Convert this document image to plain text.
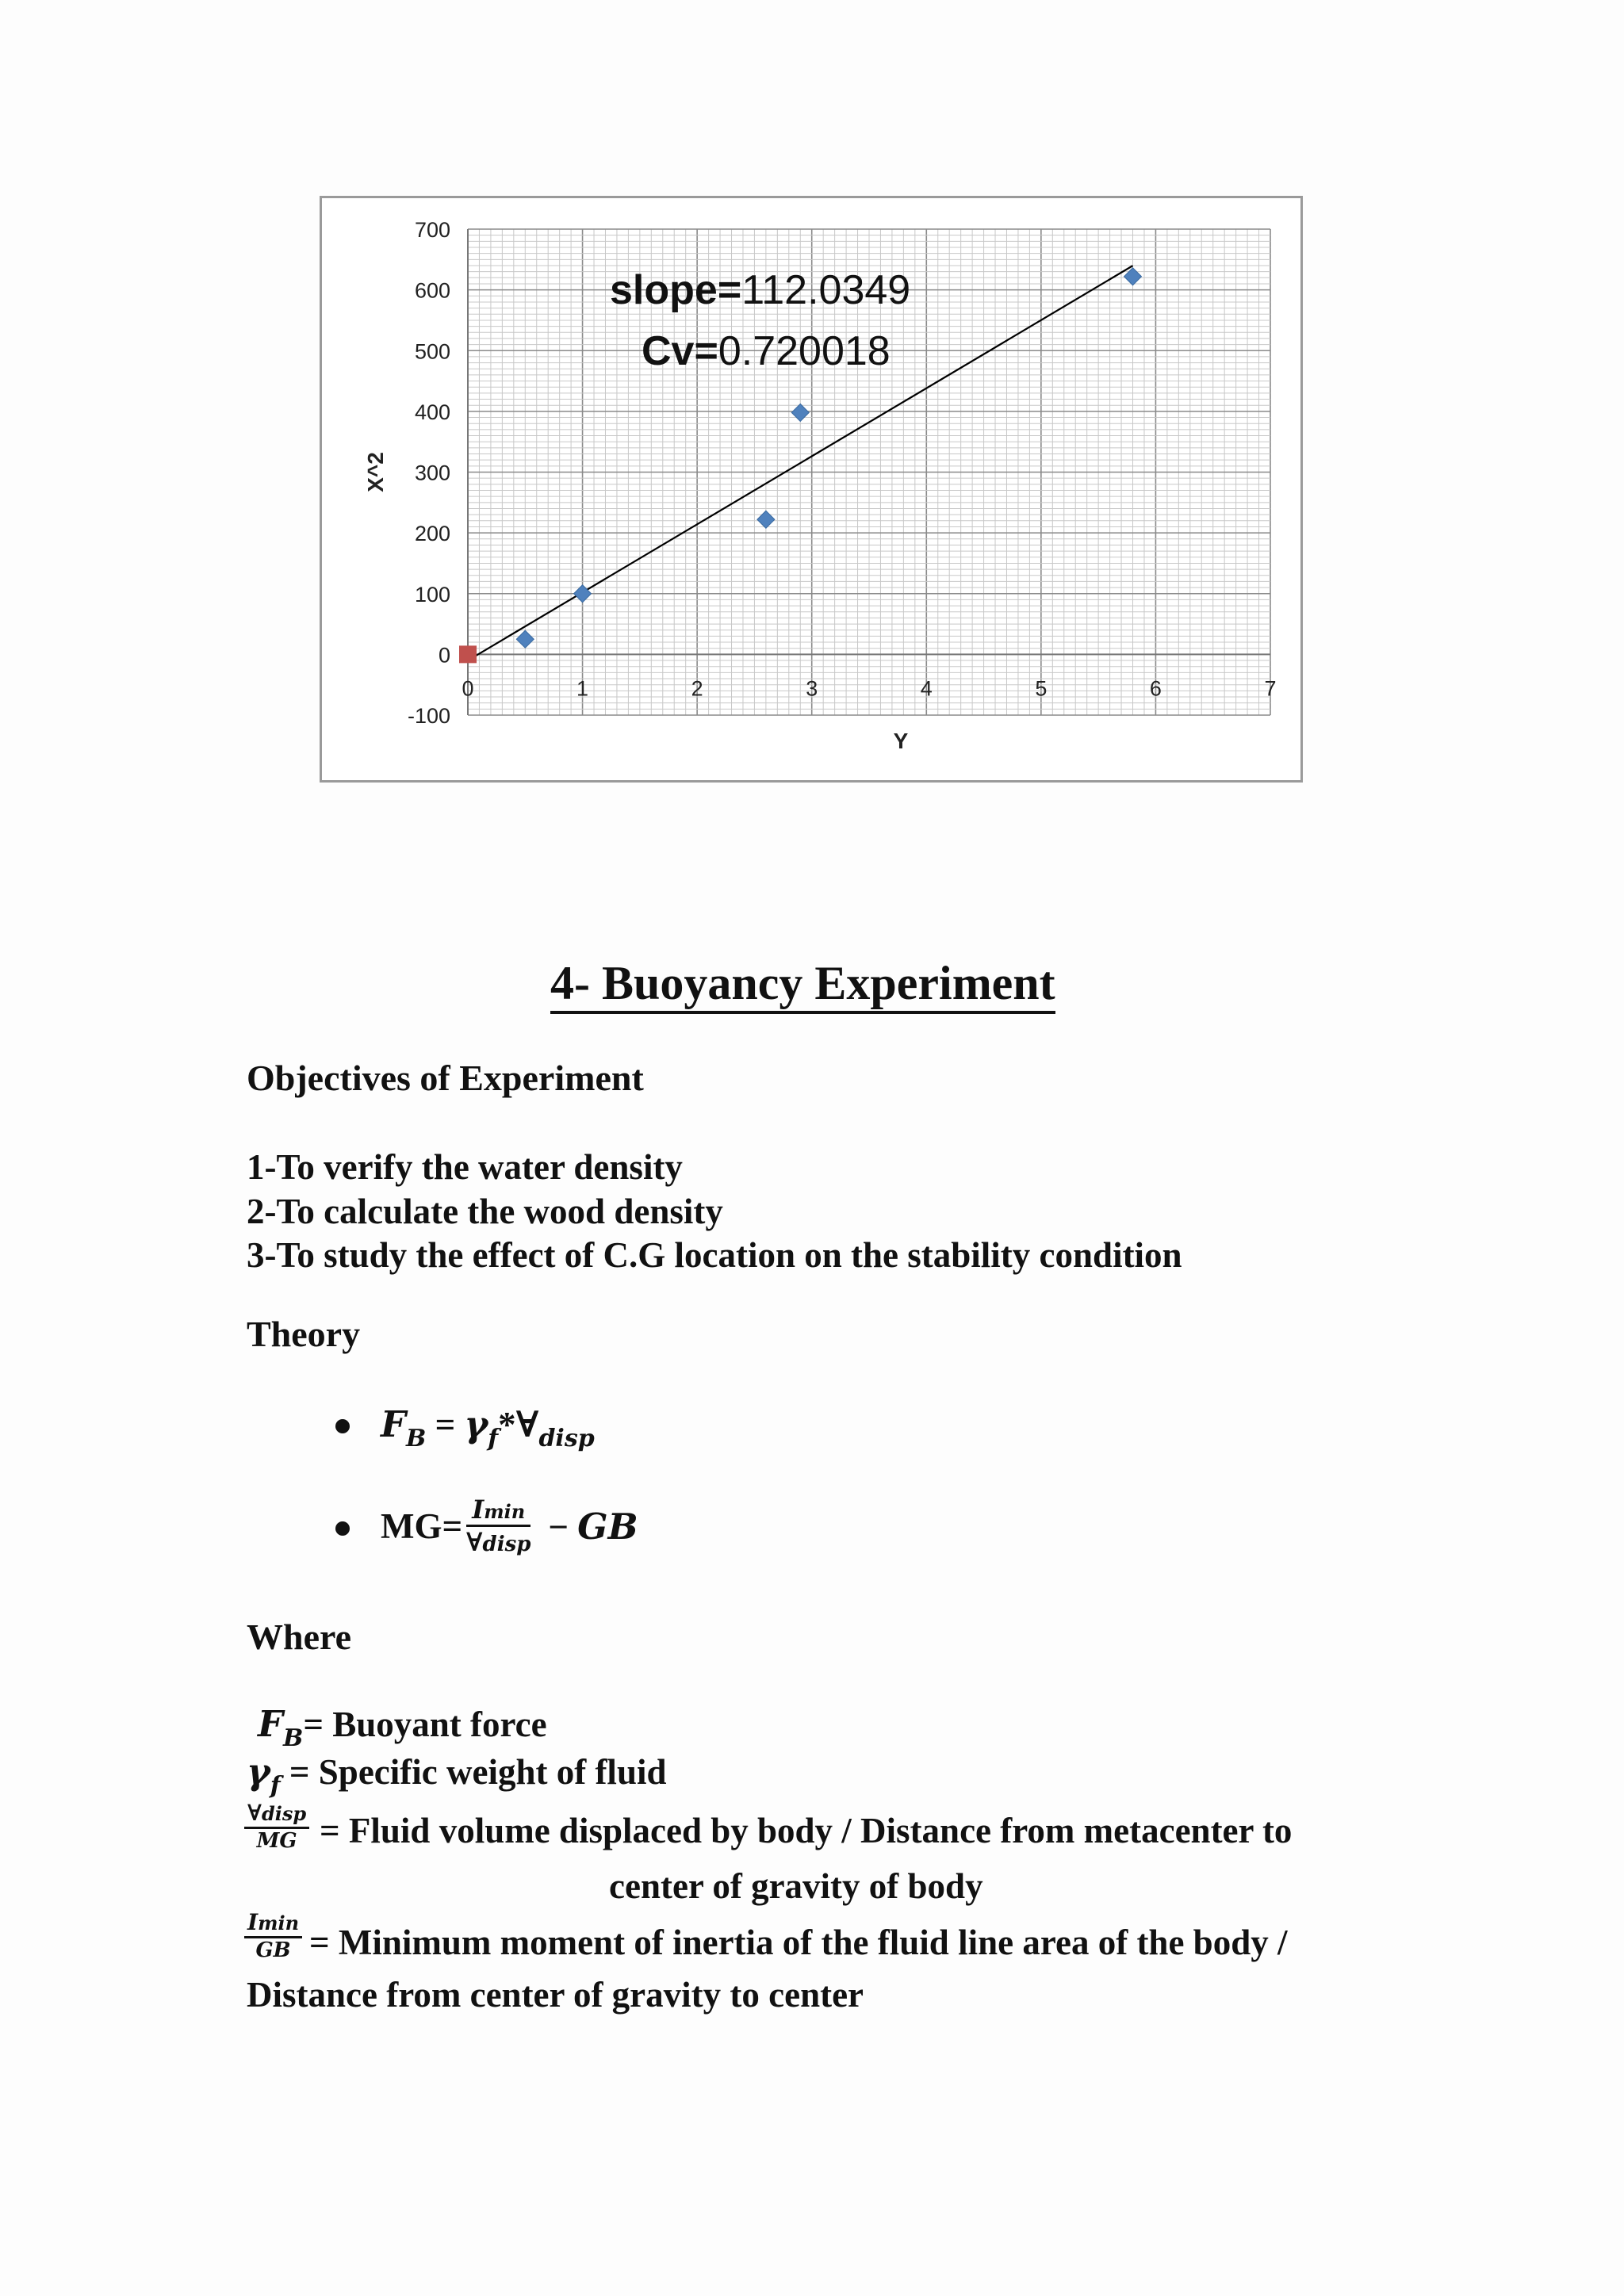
700
600
500
400
300
200
100
0
-100
0	1	2	3	4	5	6	7
Y
X^2
slope=112.0349
Cv=0.720018
4- Buoyancy Experiment
Objectives of Experiment
1-To verify the water density
2-To calculate the wood density
3-To study the effect of C.G location on the stability condition
Theory
$F_B$ = $\gamma_f*\forall_{disp}$
MG= Imin
∀disp − GB
Where
$F_B=$ Buoyant force
$\gamma_f$ = Specific weight of fluid
∀disp
MG = Fluid volume displaced by body / Distance from metacenter to
center of gravity of body
Imin
GB = Minimum moment of inertia of the fluid line area of the body /
Distance from center of gravity to center
